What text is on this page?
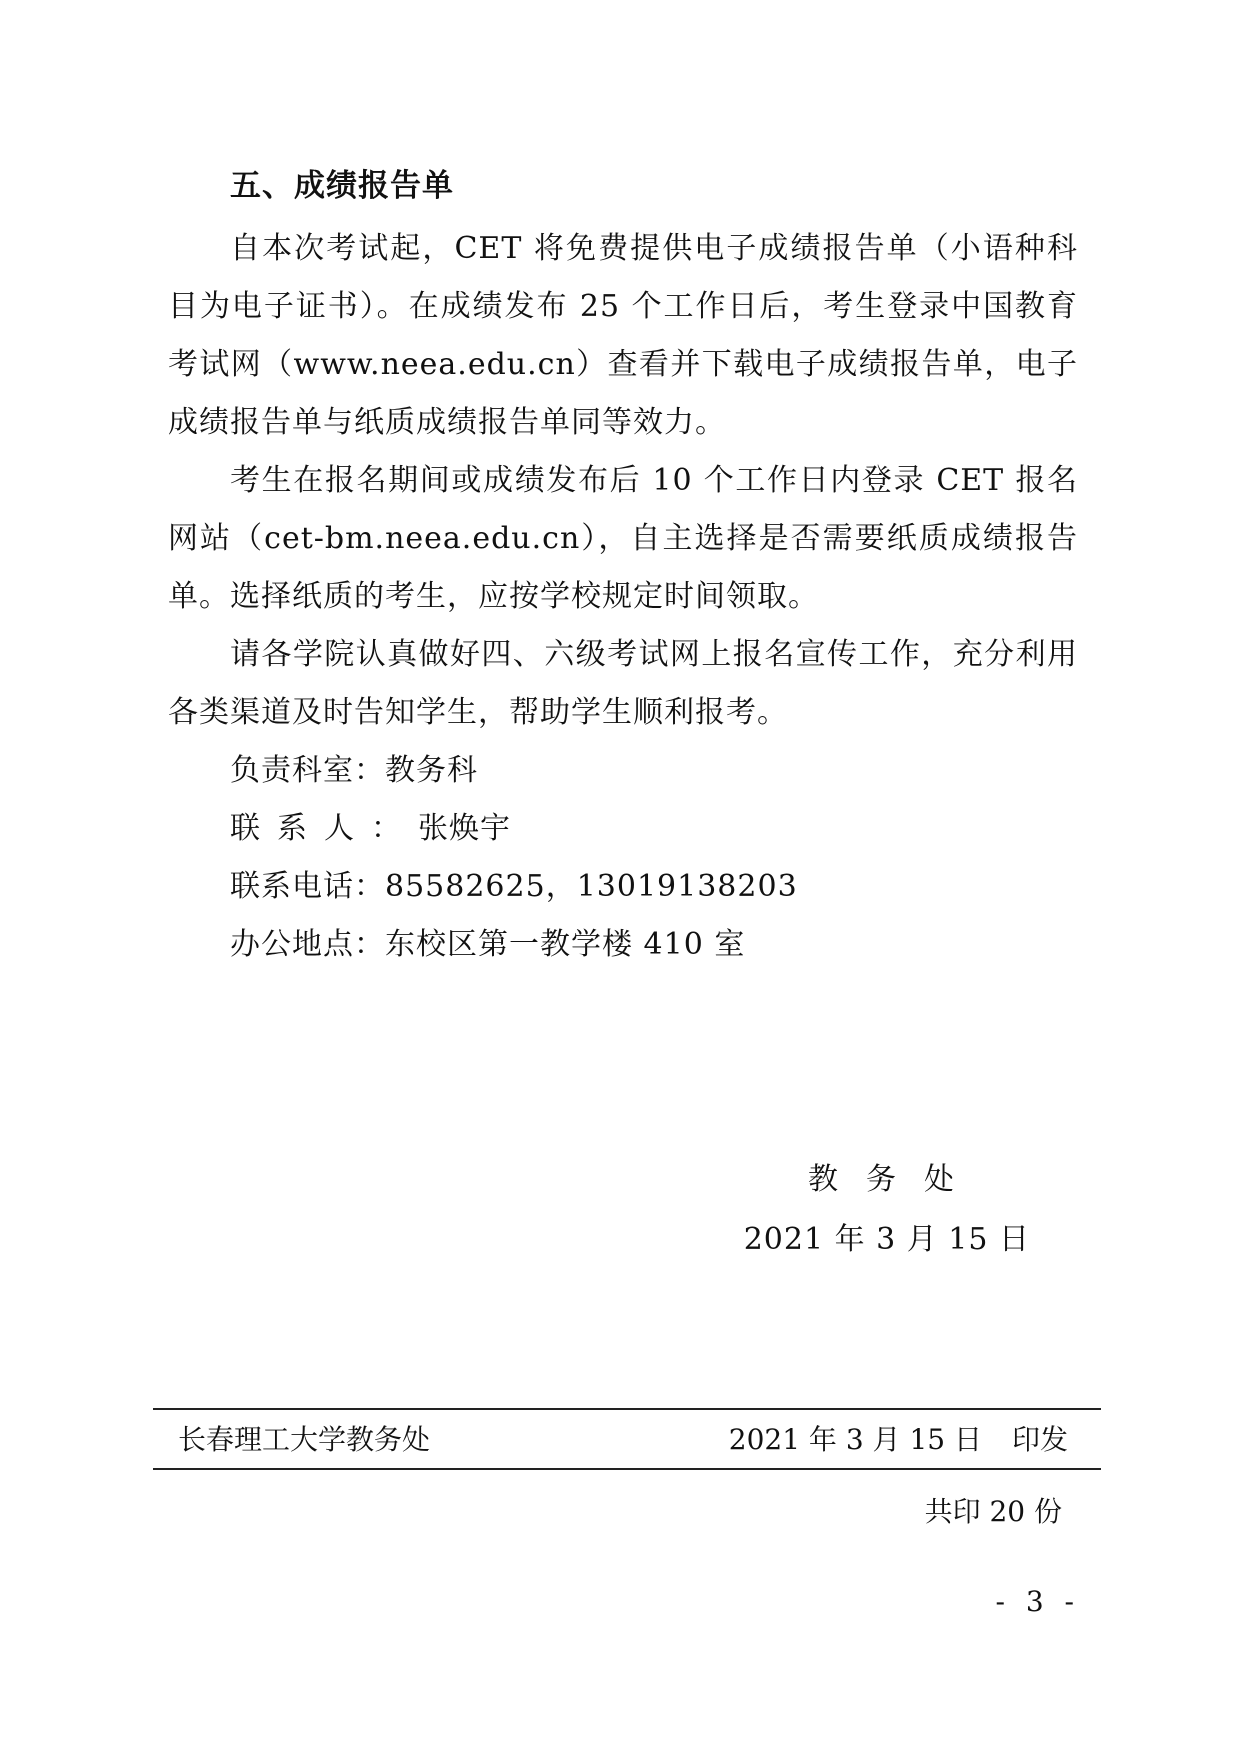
五、成绩报告单

自本次考试起，CET 将免费提供电子成绩报告单（小语种科目为电子证书）。在成绩发布 25 个工作日后，考生登录中国教育考试网（www.neea.edu.cn）查看并下载电子成绩报告单，电子成绩报告单与纸质成绩报告单同等效力。

考生在报名期间或成绩发布后 10 个工作日内登录 CET 报名网站（cet-bm.neea.edu.cn），自主选择是否需要纸质成绩报告单。选择纸质的考生，应按学校规定时间领取。

请各学院认真做好四、六级考试网上报名宣传工作，充分利用各类渠道及时告知学生，帮助学生顺利报考。

负责科室：教务科
联系人：张焕宇
联系电话：85582625，13019138203
办公地点：东校区第一教学楼 410 室
教务处
2021 年 3 月 15 日
长春理工大学教务处	2021 年 3 月 15 日 印发
共印 20 份
- 3 -
